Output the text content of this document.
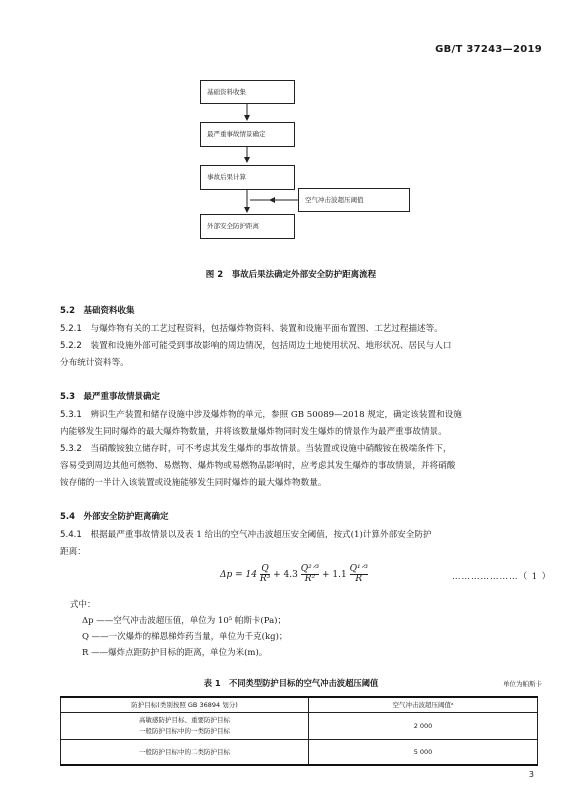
GB/T 37243—2019
基础资料收集
最严重事故情景确定
事故后果计算
外部安全防护距离
空气冲击波超压阈值
图 2　事故后果法确定外部安全防护距离流程
5.2　基础资料收集
5.2.1　 与爆炸物有关的工艺过程资料，包括爆炸物资料、装置和设施平面布置图、工艺过程描述等。
5.2.2　 装置和设施外部可能受到事故影响的周边情况，包括周边土地使用状况、地形状况、居民与人口
分布统计资料等。
5.3　最严重事故情景确定
5.3.1　 辨识生产装置和储存设施中涉及爆炸物的单元，参照 GB 50089—2018 规定，确定该装置和设施
内能够发生同时爆炸的最大爆炸物数量，并将该数量爆炸物同时发生爆炸的情景作为最严重事故情景。
5.3.2　 当硝酸铵独立储存时，可不考虑其发生爆炸的事故情景。当装置或设施中硝酸铵在极端条件下，
容易受到周边其他可燃物、易燃物、爆炸物或易燃物品影响时，应考虑其发生爆炸的事故情景，并将硝酸
铵存储的一半计入该装置或设施能够发生同时爆炸的最大爆炸物数量。
5.4　外部安全防护距离确定
5.4.1　 根据最严重事故情景以及表 1 给出的空气冲击波超压安全阈值，按式(1)计算外部安全防护
距离：
$\Delta p = 14 \frac{Q}{\text{R³}} + 4.3 \frac{\text{Q²ᐟ³}}{\text{R²}} + 1.1 \frac{\text{Q¹ᐟ³}}{R}$	…………………（ 1 ）
式中：
Δp ——空气冲击波超压值，单位为 10⁵ 帕斯卡(Pa)；
Q ——一次爆炸的梯恩梯炸药当量，单位为千克(kg)；
R ——爆炸点距防护目标的距离，单位为米(m)。
表 1　不同类型防护目标的空气冲击波超压阈值	单位为帕斯卡
防护目标(类别按照 GB 36894 划分)	空气冲击波超压阈值ᵃ

高敏感防护目标、重要防护目标
一般防护目标中的一类防护目标	2 000

一般防护目标中的二类防护目标	5 000
3
